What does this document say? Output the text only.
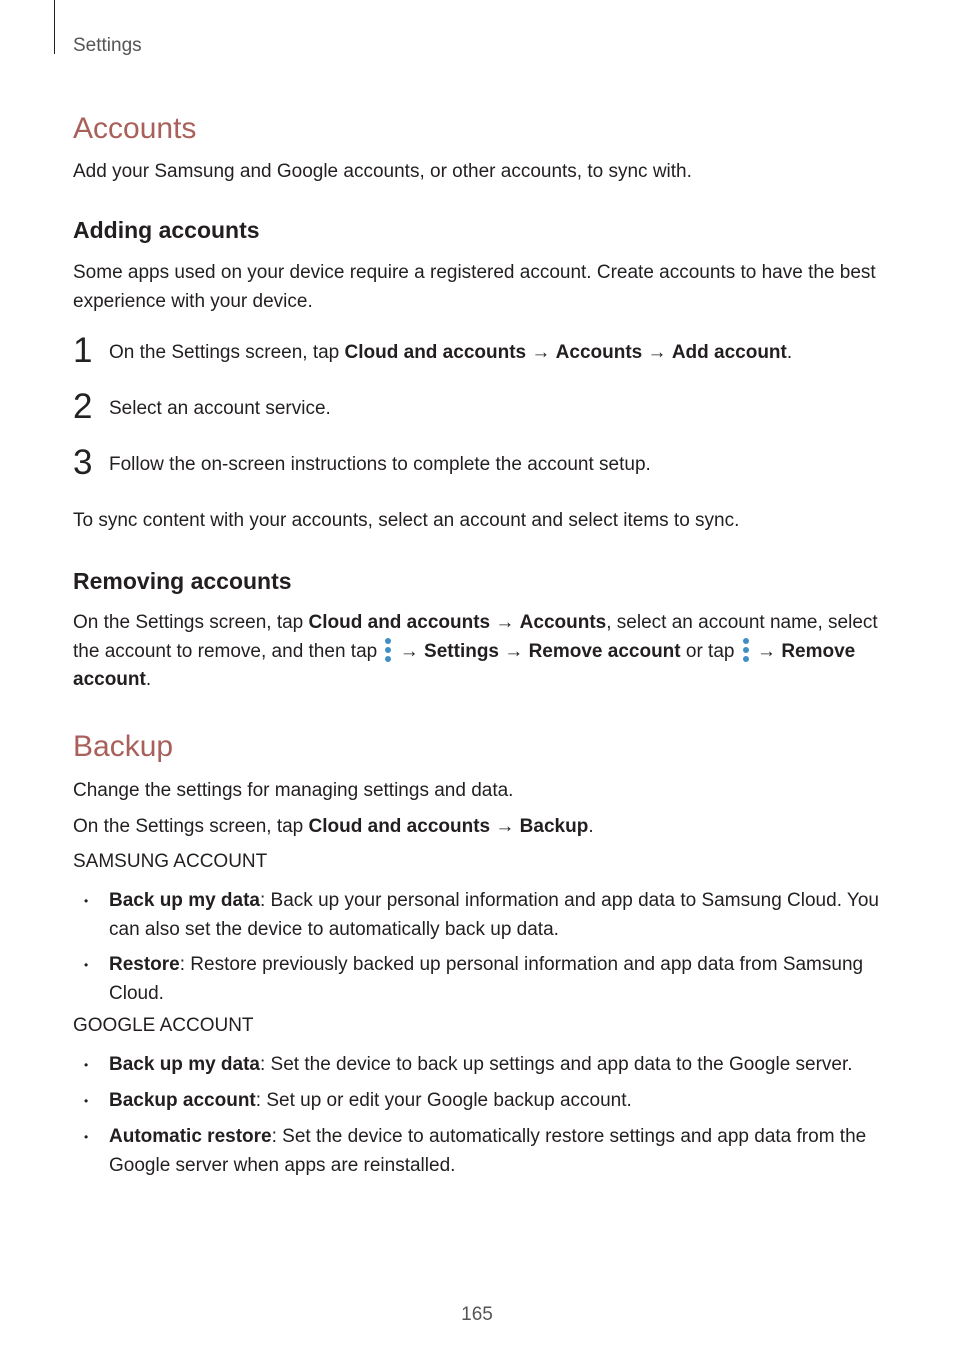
Settings
Accounts
Add your Samsung and Google accounts, or other accounts, to sync with.
Adding accounts
Some apps used on your device require a registered account. Create accounts to have the best experience with your device.
1 On the Settings screen, tap Cloud and accounts → Accounts → Add account.
2 Select an account service.
3 Follow the on-screen instructions to complete the account setup.
To sync content with your accounts, select an account and select items to sync.
Removing accounts
On the Settings screen, tap Cloud and accounts → Accounts, select an account name, select the account to remove, and then tap
→ Settings → Remove account or tap
→ Remove account.
Backup
Change the settings for managing settings and data.
On the Settings screen, tap Cloud and accounts → Backup.
SAMSUNG ACCOUNT
• Back up my data: Back up your personal information and app data to Samsung Cloud. You can also set the device to automatically back up data.
• Restore: Restore previously backed up personal information and app data from Samsung Cloud.
GOOGLE ACCOUNT
• Back up my data: Set the device to back up settings and app data to the Google server.
• Backup account: Set up or edit your Google backup account.
• Automatic restore: Set the device to automatically restore settings and app data from the Google server when apps are reinstalled.
165
